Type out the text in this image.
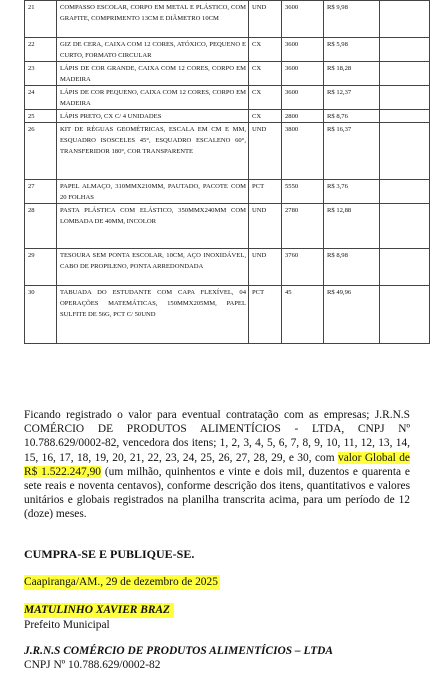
21	COMPASSO ESCOLAR, CORPO EM METAL E PLÁSTICO, COM GRAFITE, COMPRIMENTO 13CM E DIÂMETRO 10CM	UND	3600	R$ 9,98	
22	GIZ DE CERA, CAIXA COM 12 CORES, ATÓXICO, PEQUENO E CURTO, FORMATO CIRCULAR	CX	3600	R$ 5,98	
23	LÁPIS DE COR GRANDE, CAIXA COM 12 CORES, CORPO EM MADEIRA	CX	3600	R$ 18,28	
24	LÁPIS DE COR PEQUENO, CAIXA COM 12 CORES, CORPO EM MADEIRA	CX	3600	R$ 12,37	
25	LÁPIS PRETO, CX C/ 4 UNIDADES	CX	2800	R$ 8,76	
26	KIT DE RÉGUAS GEOMÉTRICAS, ESCALA EM CM E MM, ESQUADRO ISOSCELES 45°, ESQUADRO ESCALENO 60°, TRANSFERIDOR 180°, COR TRANSPARENTE	UND	3800	R$ 16,37	
27	PAPEL ALMAÇO, 310MMX210MM, PAUTADO, PACOTE COM 20 FOLHAS	PCT	5550	R$ 3,76	
28	PASTA PLÁSTICA COM ELÁSTICO, 350MMX240MM COM LOMBADA DE 40MM, INCOLOR	UND	2780	R$ 12,88	
29	TESOURA SEM PONTA ESCOLAR, 10CM, AÇO INOXIDÁVEL, CABO DE PROPILENO, PONTA ARREDONDADA	UND	3760	R$ 8,98	
30	TABUADA DO ESTUDANTE COM CAPA FLEXÍVEL, 04 OPERAÇÕES MATEMÁTICAS, 150MMX205MM, PAPEL SULFITE DE 56G, PCT C/ 50UND	PCT	45	R$ 49,96	

Ficando registrado o valor para eventual contratação com as empresas; J.R.N.S COMÉRCIO DE PRODUTOS ALIMENTÍCIOS - LTDA, CNPJ Nº 10.788.629/0002-82, vencedora dos itens; 1, 2, 3, 4, 5, 6, 7, 8, 9, 10, 11, 12, 13, 14, 15, 16, 17, 18, 19, 20, 21, 22, 23, 24, 25, 26, 27, 28, 29, e 30, com valor Global de R$ 1.522.247,90 (um milhão, quinhentos e vinte e dois mil, duzentos e quarenta e sete reais e noventa centavos), conforme descrição dos itens, quantitativos e valores unitários e globais registrados na planilha transcrita acima, para um período de 12 (doze) meses.

CUMPRA-SE E PUBLIQUE-SE.
Caapiranga/AM., 29 de dezembro de 2025
MATULINHO XAVIER BRAZ
Prefeito Municipal
J.R.N.S COMÉRCIO DE PRODUTOS ALIMENTÍCIOS – LTDA
CNPJ Nº 10.788.629/0002-82
